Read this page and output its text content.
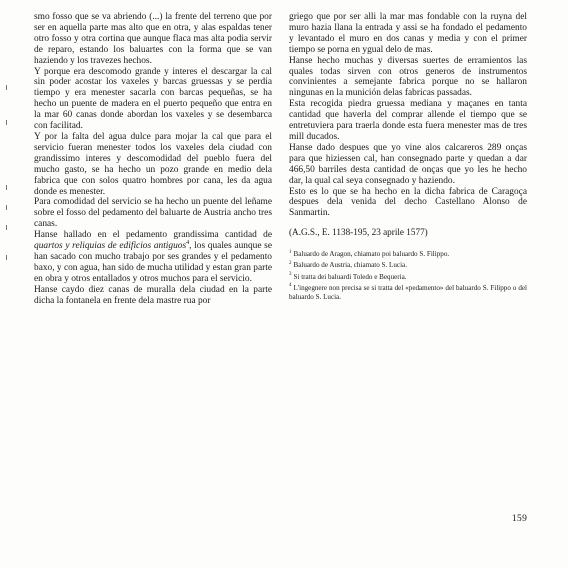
smo fosso que se va abriendo (...) la frente del terreno que por ser en aquella parte mas alto que en otra, y alas espaldas tener otro fosso y otra cortina que aunque flaca mas alta podia servir de reparo, estando los baluartes con la forma que se van haziendo y los travezes hechos.

Y porque era descomodo grande y interes el descargar la cal sin poder acostar los vaxeles y barcas gruessas y se perdia tiempo y era menester sacarla con barcas pequeñas, se ha hecho un puente de madera en el puerto pequeño que entra en la mar 60 canas donde abordan los vaxeles y se desembarca con facilitad.

Y por la falta del agua dulce para mojar la cal que para el servicio fueran menester todos los vaxeles dela ciudad con grandissimo interes y descomodidad del pueblo fuera del mucho gasto, se ha hecho un pozo grande en medio dela fabrica que con solos quatro hombres por cana, les da agua donde es menester.

Para comodidad del servicio se ha hecho un puente del leñame sobre el fosso del pedamento del baluarte de Austria ancho tres canas.

Hanse hallado en el pedamento grandissima cantidad de quartos y reliquias de edificios antiguos$^4$, los quales aunque se han sacado con mucho trabajo por ses grandes y el pedamento baxo, y con agua, han sido de mucha utilidad y estan gran parte en obra y otros entallados y otros muchos para el servicio.

Hanse caydo diez canas de muralla dela ciudad en la parte dicha la fontanela en frente dela mastre rua por

griego que por ser alli la mar mas fondable con la ruyna del muro hazia llana la entrada y assi se ha fondado el pedamento y levantado el muro en dos canas y media y con el primer tiempo se porna en ygual delo de mas.

Hanse hecho muchas y diversas suertes de erramientos las quales todas sirven con otros generos de instrumentos convinientes a semejante fabrica porque no se hallaron ningunas en la munición delas fabricas passadas.

Esta recogida piedra gruessa mediana y maçanes en tanta cantidad que haverla del comprar allende el tiempo que se entretuviera para traerla donde esta fuera menester mas de tres mill ducados.

Hanse dado despues que yo vine alos calcareros 289 onças para que hiziessen cal, han consegnado parte y quedan a dar 466,50 barriles desta cantidad de onças que yo les he hecho dar, la qual cal seya consegnado y haziendo.

Esto es lo que se ha hecho en la dicha fabrica de Caragoça despues dela venida del decho Castellano Alonso de Sanmartin.

(A.G.S., E. 1138-195, 23 aprile 1577)

$^1$ Baluardo de Aragon, chiamato poi baluardo S. Filippo.

$^2$ Baluardo de Austria, chiamato S. Lucia.

$^3$ Si tratta dei baluardi Toledo e Bequeria.

$^4$ L'ingegnere non precisa se si tratta del «pedamento» del baluardo S. Filippo o del baluardo S. Lucia.

159
